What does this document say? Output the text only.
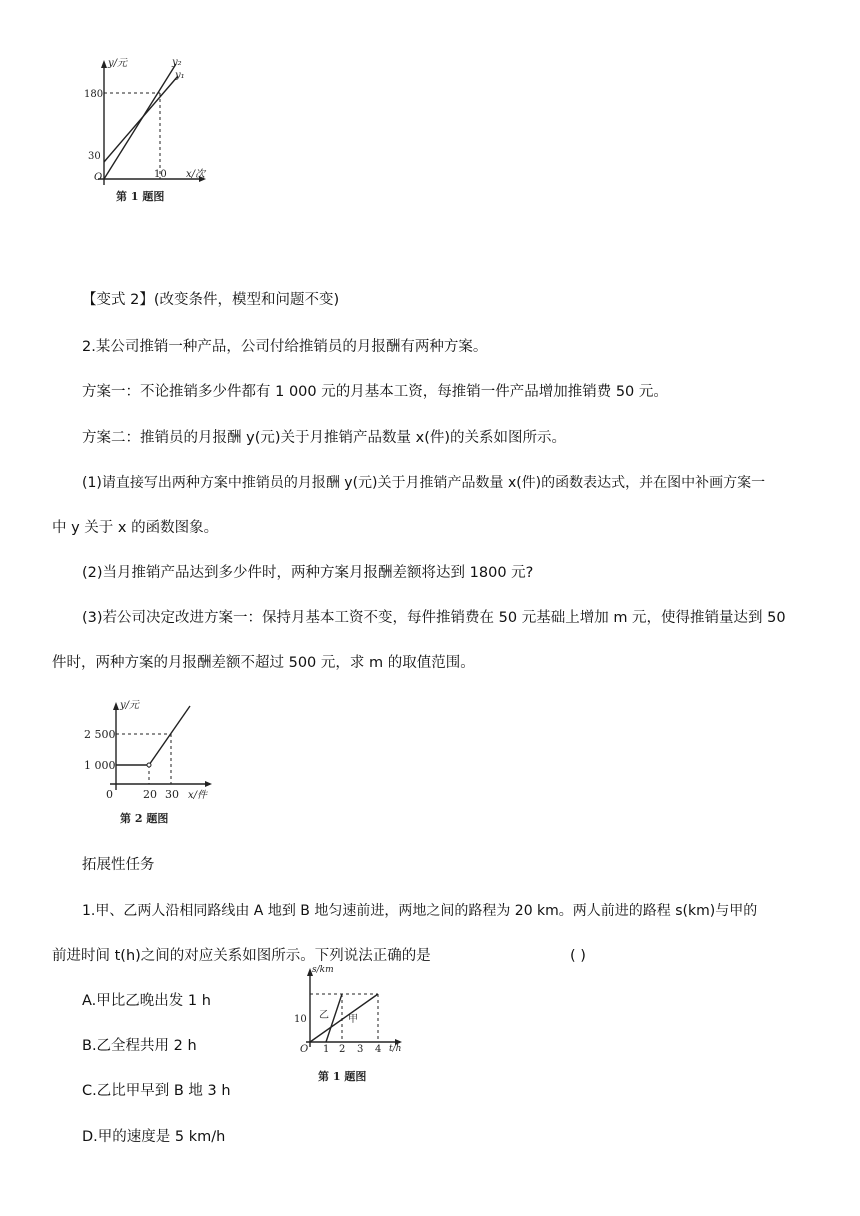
y/元	y₂
y₁
180
30
O	10 x/次
第 1 题图
【变式 2】(改变条件，模型和问题不变)
2.某公司推销一种产品，公司付给推销员的月报酬有两种方案。
方案一：不论推销多少件都有 1 000 元的月基本工资，每推销一件产品增加推销费 50 元。
方案二：推销员的月报酬 y(元)关于月推销产品数量 x(件)的关系如图所示。
(1)请直接写出两种方案中推销员的月报酬 y(元)关于月推销产品数量 x(件)的函数表达式，并在图中补画方案一
中 y 关于 x 的函数图象。
(2)当月推销产品达到多少件时，两种方案月报酬差额将达到 1800 元?
(3)若公司决定改进方案一：保持月基本工资不变，每件推销费在 50 元基础上增加 m 元，使得推销量达到 50
件时，两种方案的月报酬差额不超过 500 元，求 m 的取值范围。
y/元
2 500
1 000
0	20 30 x/件
第 2 题图
拓展性任务
1.甲、乙两人沿相同路线由 A 地到 B 地匀速前进，两地之间的路程为 20 km。两人前进的路程 s(km)与甲的
前进时间 t(h)之间的对应关系如图所示。下列说法正确的是	( )
A.甲比乙晚出发 1 h
B.乙全程共用 2 h
C.乙比甲早到 B 地 3 h
D.甲的速度是 5 km/h
s/km
10
O 1 2 3 4 t/h
乙 甲
第 1 题图
